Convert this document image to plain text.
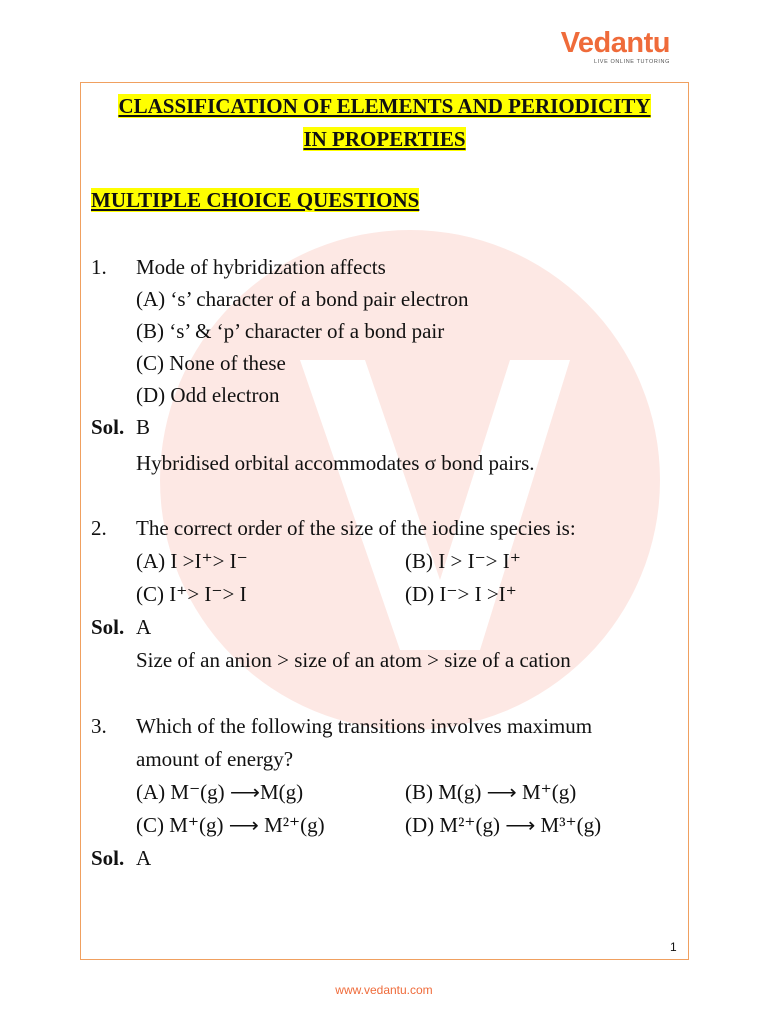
Vedantu
LIVE ONLINE TUTORING
CLASSIFICATION OF ELEMENTS AND PERIODICITY
IN PROPERTIES
MULTIPLE CHOICE QUESTIONS
1. Mode of hybridization affects
(A) ‘s’ character of a bond pair electron
(B) ‘s’ & ‘p’ character of a bond pair
(C) None of these
(D) Odd electron
Sol. B
Hybridised orbital accommodates σ bond pairs.
2. The correct order of the size of the iodine species is:
(A) I >I⁺> I⁻	(B) I > I⁻> I⁺
(C) I⁺> I⁻> I	(D) I⁻> I >I⁺
Sol. A
Size of an anion > size of an atom > size of a cation
3. Which of the following transitions involves maximum
amount of energy?
(A) M⁻(g) ⟶M(g)	(B) M(g) ⟶ M⁺(g)
(C) M⁺(g) ⟶ M²⁺(g)	(D) M²⁺(g) ⟶ M³⁺(g)
Sol. A
1
www.vedantu.com
